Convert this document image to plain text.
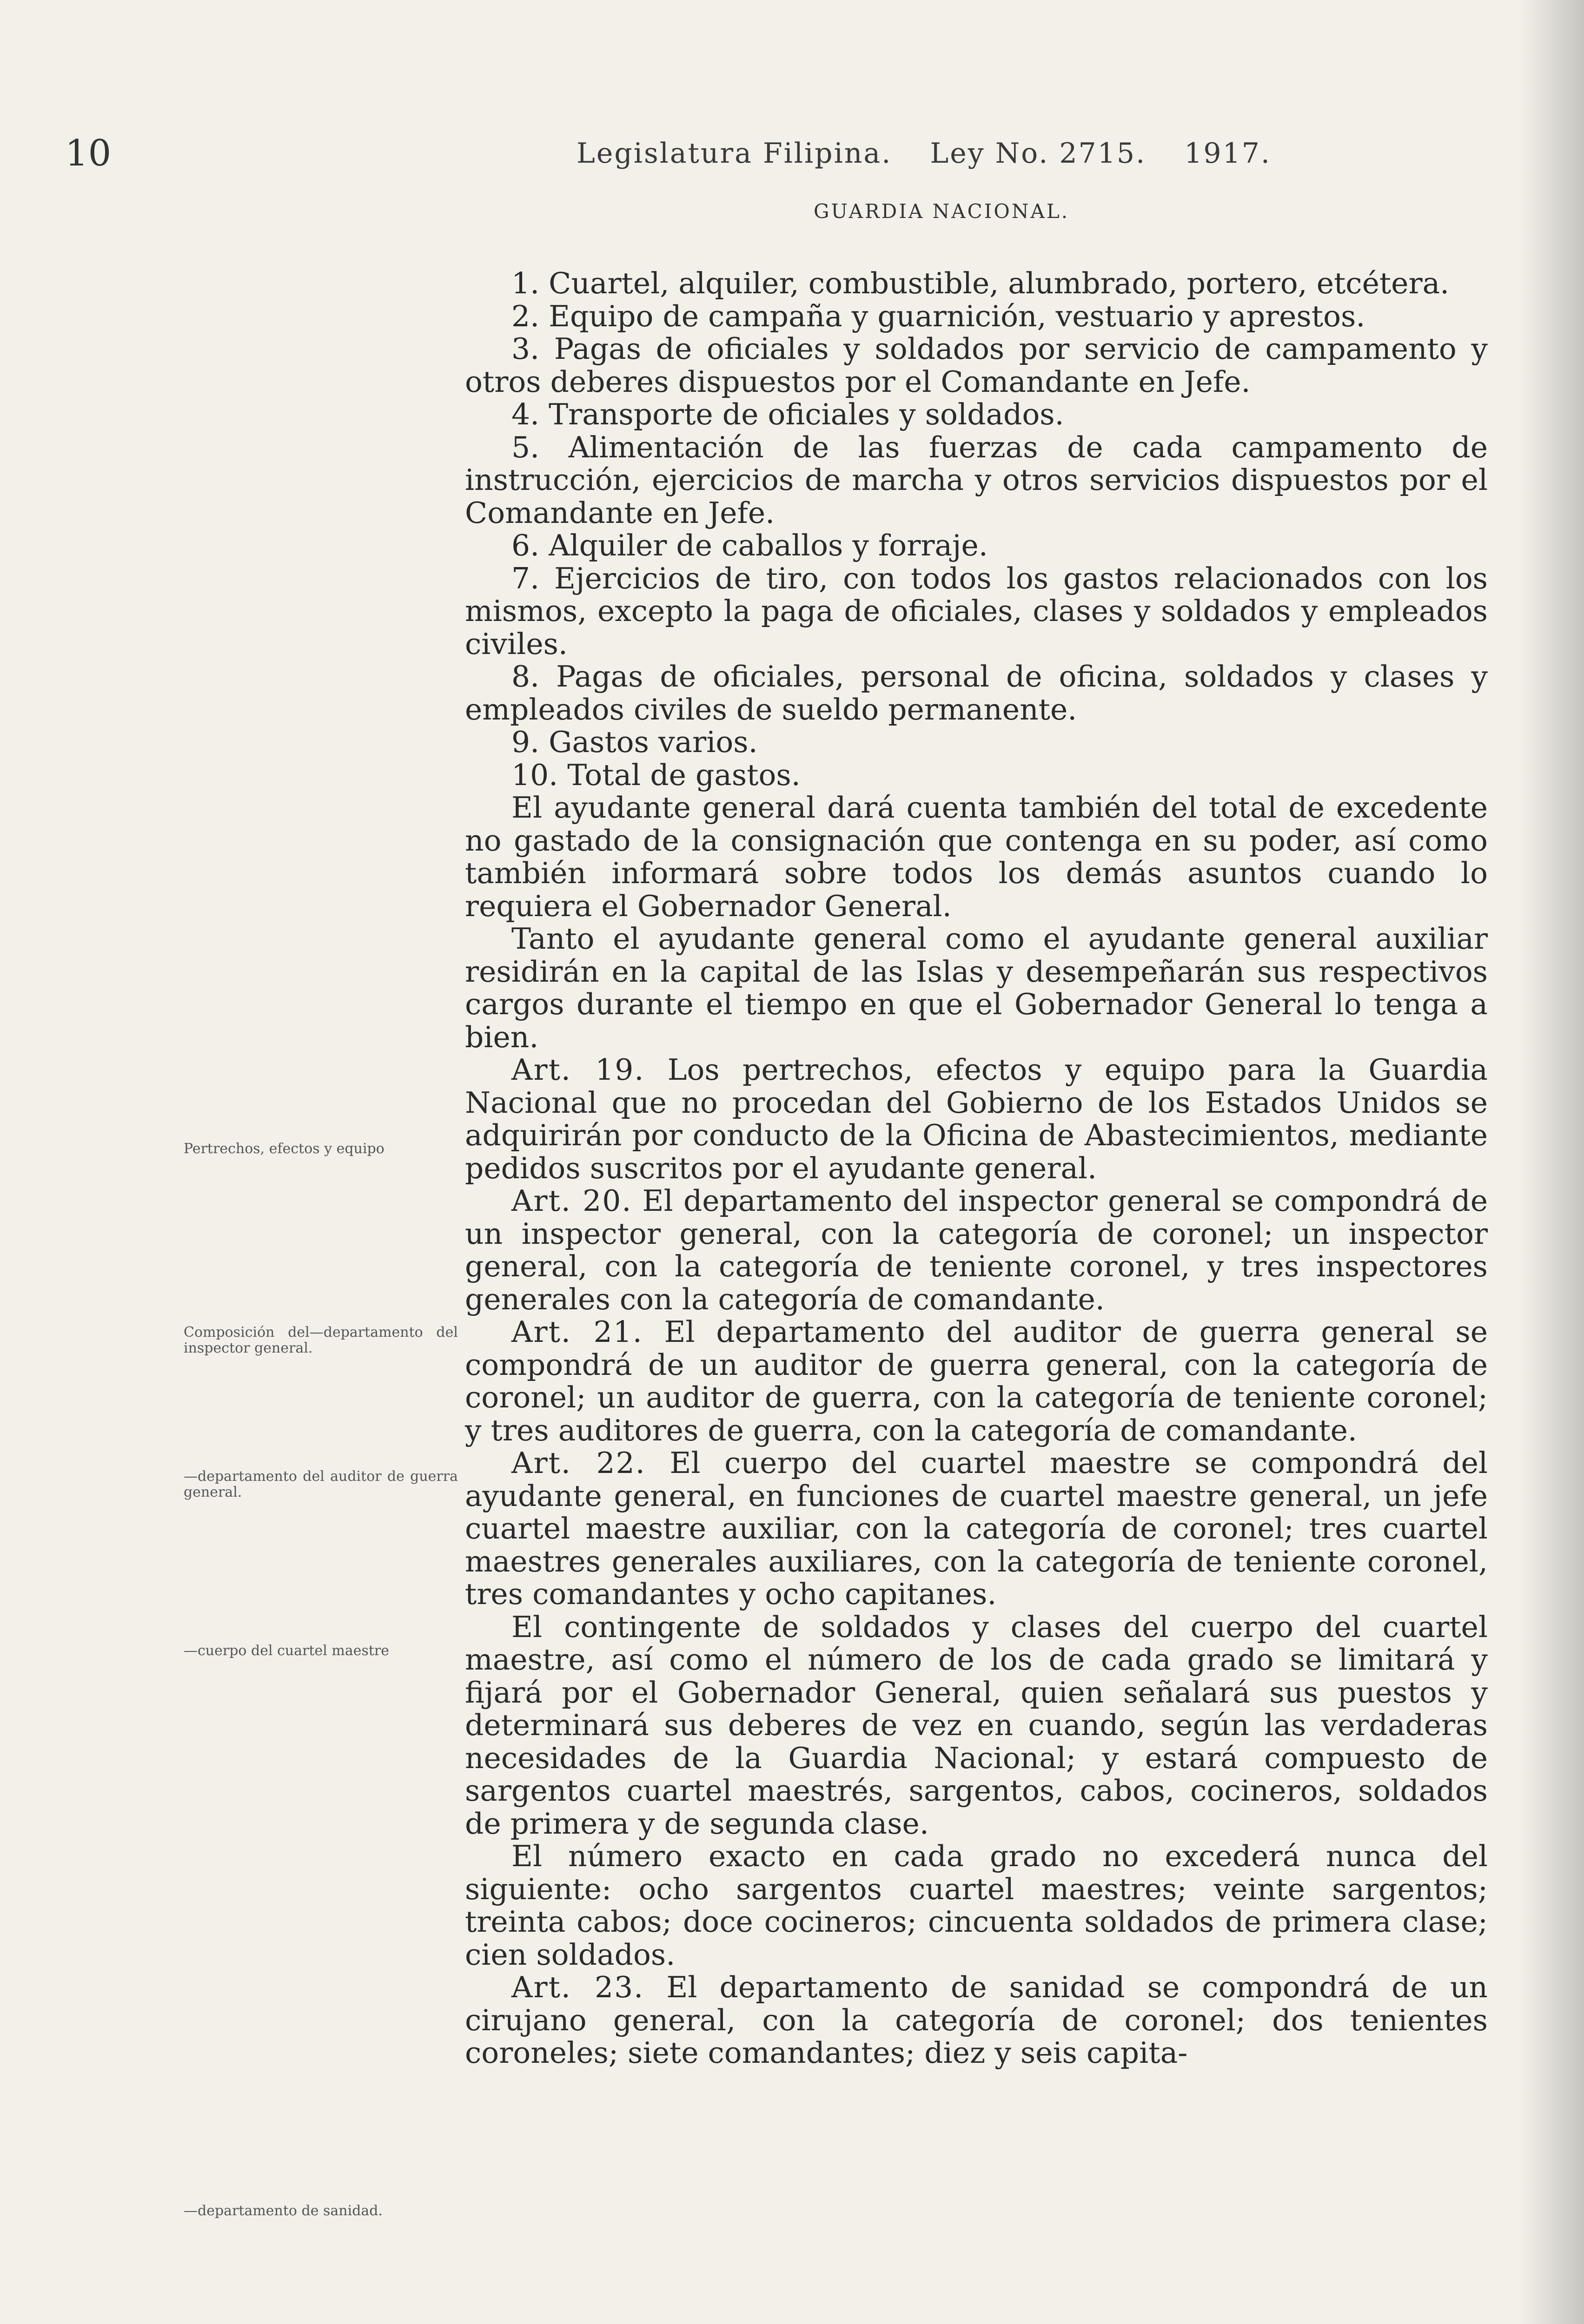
10	Legislatura Filipina. Ley No. 2715. 1917.
GUARDIA NACIONAL.

1. Cuartel, alquiler, combustible, alumbrado, portero, etcétera.

2. Equipo de campaña y guarnición, vestuario y aprestos.

3. Pagas de oficiales y soldados por servicio de campamento y otros deberes dispuestos por el Comandante en Jefe.

4. Transporte de oficiales y soldados.

5. Alimentación de las fuerzas de cada campamento de instrucción, ejercicios de marcha y otros servicios dispuestos por el Comandante en Jefe.

6. Alquiler de caballos y forraje.

7. Ejercicios de tiro, con todos los gastos relacionados con los mismos, excepto la paga de oficiales, clases y soldados y empleados civiles.

8. Pagas de oficiales, personal de oficina, soldados y clases y empleados civiles de sueldo permanente.

9. Gastos varios.

10. Total de gastos.

El ayudante general dará cuenta también del total de excedente no gastado de la consignación que contenga en su poder, así como también informará sobre todos los demás asuntos cuando lo requiera el Gobernador General.

Tanto el ayudante general como el ayudante general auxiliar residirán en la capital de las Islas y desempeñarán sus respectivos cargos durante el tiempo en que el Gobernador General lo tenga a bien.

Art. 19. Los pertrechos, efectos y equipo para la Guardia Nacional que no procedan del Gobierno de los Estados Unidos se adquirirán por conducto de la Oficina de Abastecimientos, mediante pedidos suscritos por el ayudante general.

Art. 20. El departamento del inspector general se compondrá de un inspector general, con la categoría de coronel; un inspector general, con la categoría de teniente coronel, y tres inspectores generales con la categoría de comandante.

Art. 21. El departamento del auditor de guerra general se compondrá de un auditor de guerra general, con la categoría de coronel; un auditor de guerra, con la categoría de teniente coronel; y tres auditores de guerra, con la categoría de comandante.

Art. 22. El cuerpo del cuartel maestre se compondrá del ayudante general, en funciones de cuartel maestre general, un jefe cuartel maestre auxiliar, con la categoría de coronel; tres cuartel maestres generales auxiliares, con la categoría de teniente coronel, tres comandantes y ocho capitanes.

El contingente de soldados y clases del cuerpo del cuartel maestre, así como el número de los de cada grado se limitará y fijará por el Gobernador General, quien señalará sus puestos y determinará sus deberes de vez en cuando, según las verdaderas necesidades de la Guardia Nacional; y estará compuesto de sargentos cuartel maestrés, sargentos, cabos, cocineros, soldados de primera y de segunda clase.

El número exacto en cada grado no excederá nunca del siguiente: ocho sargentos cuartel maestres; veinte sargentos; treinta cabos; doce cocineros; cincuenta soldados de primera clase; cien soldados.

Art. 23. El departamento de sanidad se compondrá de un cirujano general, con la categoría de coronel; dos tenientes coroneles; siete comandantes; diez y seis capita-

Pertrechos, efectos y equipo
Composición del—departamento del inspector general.
—departamento del auditor de guerra general.
—cuerpo del cuartel maestre
—departamento de sanidad.
